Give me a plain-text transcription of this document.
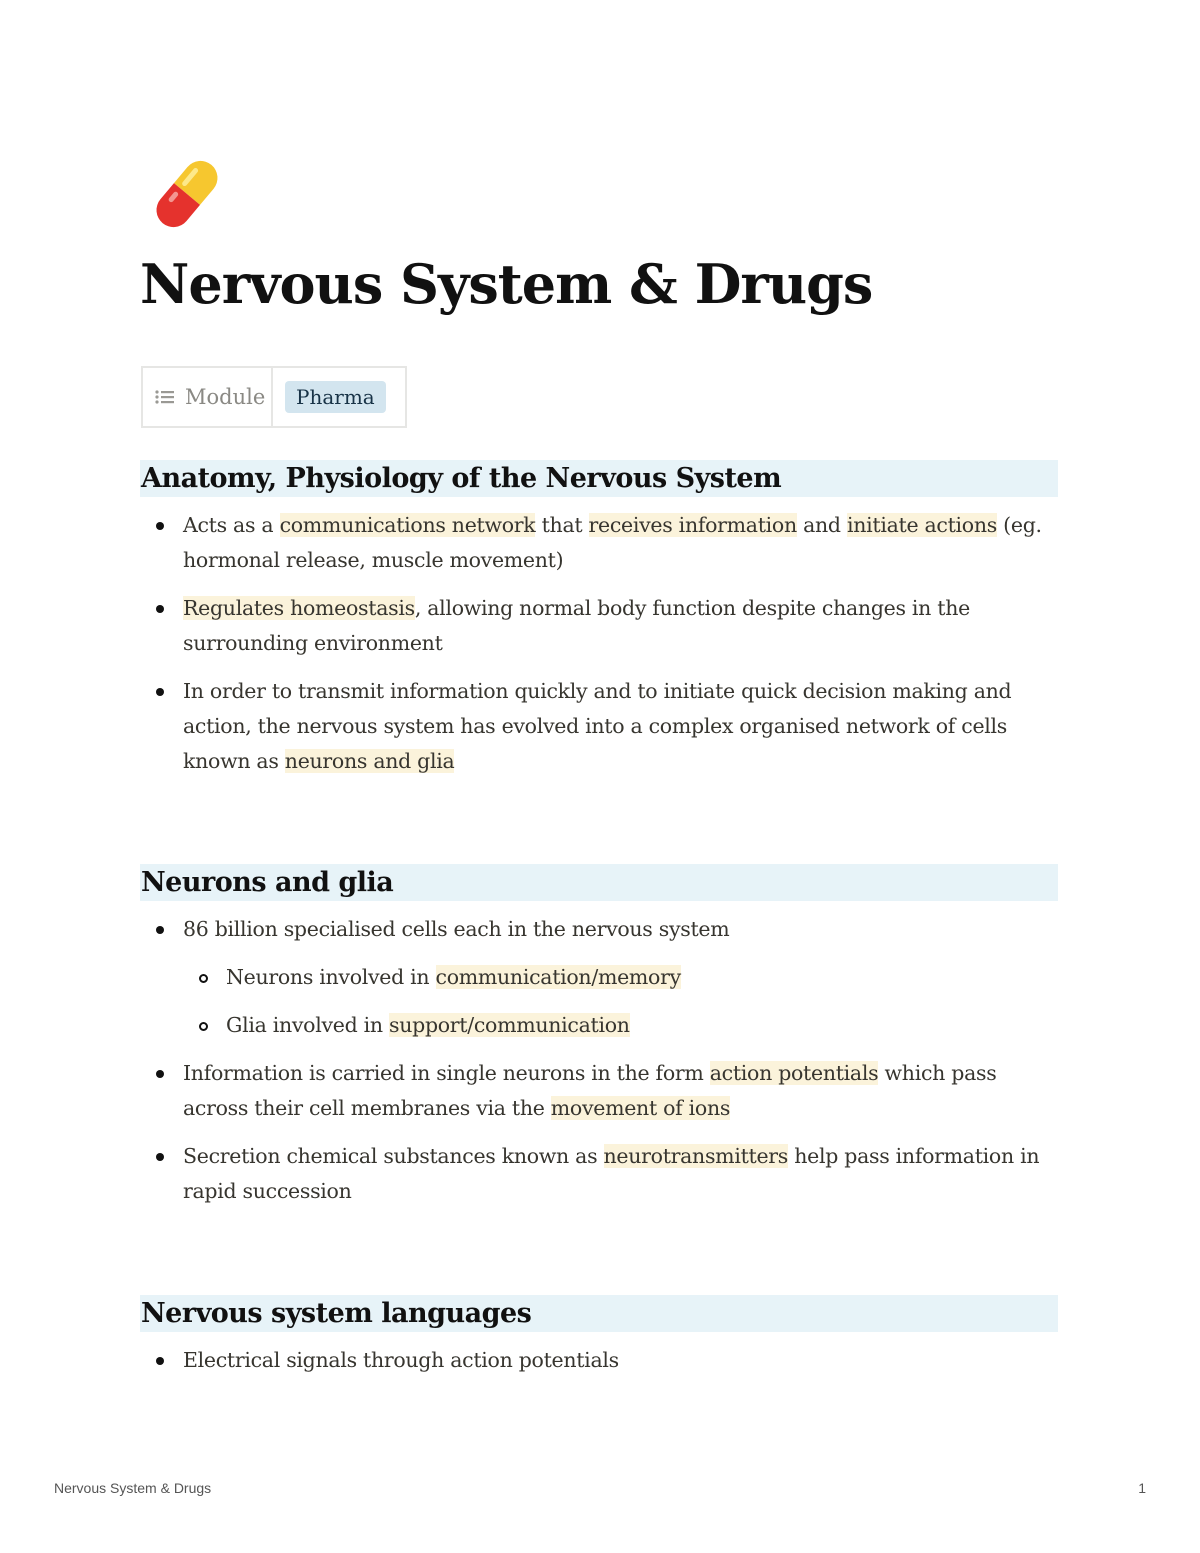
Nervous System & Drugs
Module	Pharma
Anatomy, Physiology of the Nervous System
Acts as a communications network that receives information and initiate actions (eg. hormonal release, muscle movement)
Regulates homeostasis, allowing normal body function despite changes in the surrounding environment
In order to transmit information quickly and to initiate quick decision making and action, the nervous system has evolved into a complex organised network of cells known as neurons and glia
Neurons and glia
86 billion specialised cells each in the nervous system
Neurons involved in communication/memory
Glia involved in support/communication
Information is carried in single neurons in the form action potentials which pass across their cell membranes via the movement of ions
Secretion chemical substances known as neurotransmitters help pass information in rapid succession
Nervous system languages
Electrical signals through action potentials
Nervous System & Drugs	1
